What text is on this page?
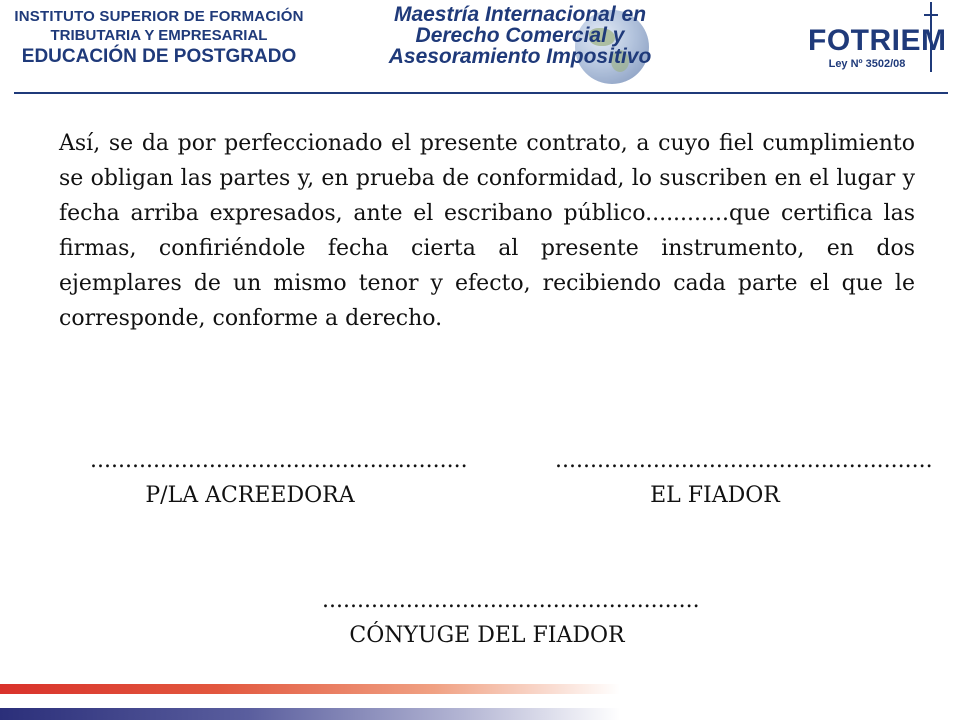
INSTITUTO SUPERIOR DE FORMACIÓN
TRIBUTARIA Y EMPRESARIAL
EDUCACIÓN DE POSTGRADO
Maestría Internacional en
Derecho Comercial y
Asesoramiento Impositivo	FOTRIEM
Ley Nº 3502/08

Así, se da por perfeccionado el presente contrato, a cuyo fiel cumplimiento se obligan las partes y, en prueba de conformidad, lo suscriben en el lugar y fecha arriba expresados, ante el escribano público............que certifica las firmas, confiriéndole fecha cierta al presente instrumento, en dos ejemplares de un mismo tenor y efecto, recibiendo cada parte el que le corresponde, conforme a derecho.

......................................................
P/LA ACREEDORA
......................................................
EL FIADOR
......................................................
CÓNYUGE DEL FIADOR
